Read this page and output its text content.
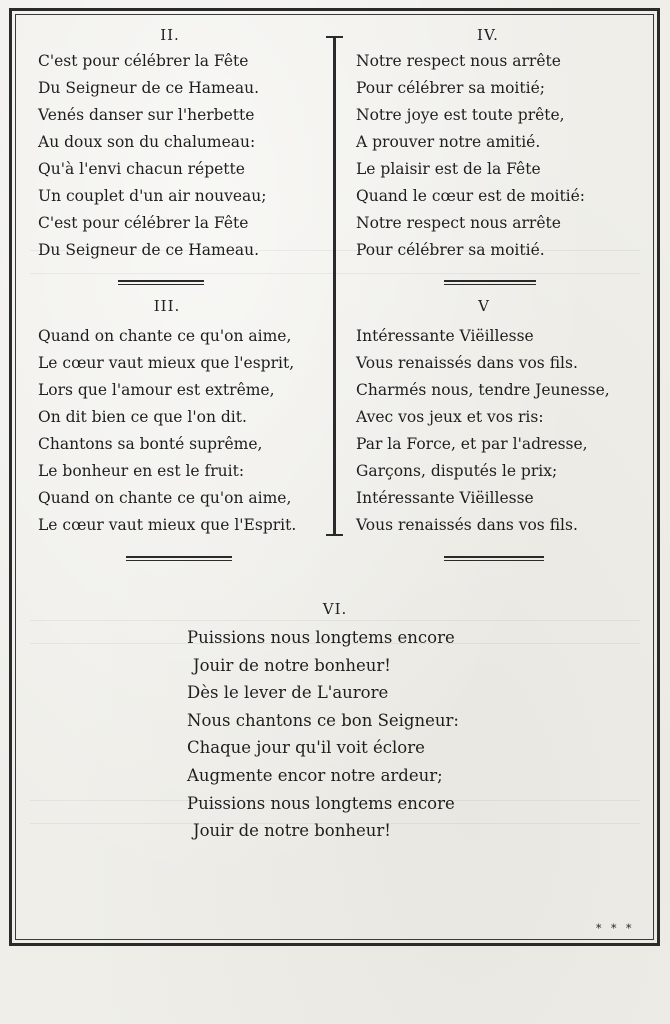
II.
C'est pour célébrer la Fête
Du Seigneur de ce Hameau.
Venés danser sur l'herbette
Au doux son du chalumeau:
Qu'à l'envi chacun répette
Un couplet d'un air nouveau;
C'est pour célébrer la Fête
Du Seigneur de ce Hameau.
III.
Quand on chante ce qu'on aime,
Le cœur vaut mieux que l'esprit,
Lors que l'amour est extrême,
On dit bien ce que l'on dit.
Chantons sa bonté suprême,
Le bonheur en est le fruit:
Quand on chante ce qu'on aime,
Le cœur vaut mieux que l'Esprit.
IV.
Notre respect nous arrête
Pour célébrer sa moitié;
Notre joye est toute prête,
A prouver notre amitié.
Le plaisir est de la Fête
Quand le cœur est de moitié:
Notre respect nous arrête
Pour célébrer sa moitié.
V
Intéressante Viëillesse
Vous renaissés dans vos fils.
Charmés nous, tendre Jeunesse,
Avec vos jeux et vos ris:
Par la Force, et par l'adresse,
Garçons, disputés le prix;
Intéressante Viëillesse
Vous renaissés dans vos fils.
VI.
Puissions nous longtems encore
Jouir de notre bonheur!
Dès le lever de L'aurore
Nous chantons ce bon Seigneur:
Chaque jour qu'il voit éclore
Augmente encor notre ardeur;
Puissions nous longtems encore
Jouir de notre bonheur!
* * *
